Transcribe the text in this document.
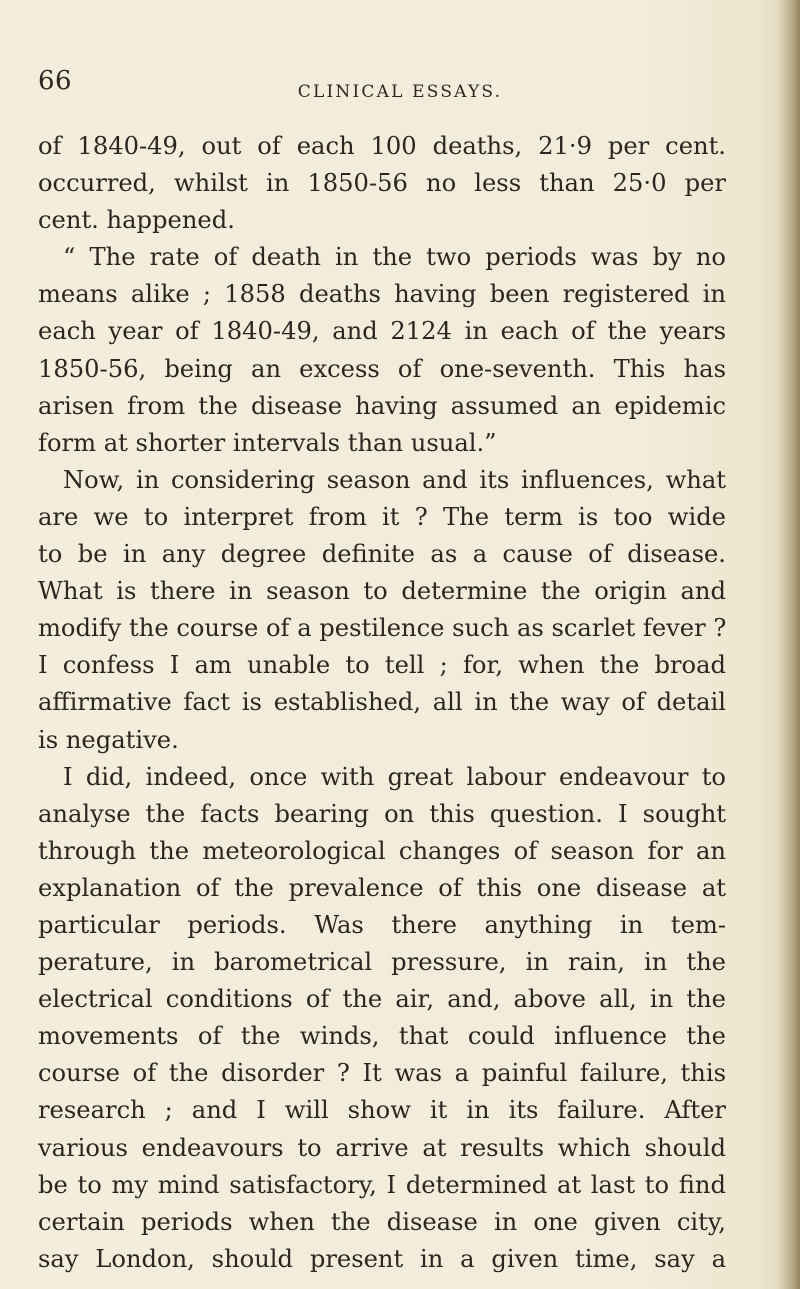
66	CLINICAL ESSAYS.
of 1840-49, out of each 100 deaths, 21·9 per cent.
occurred, whilst in 1850-56 no less than 25·0 per
cent. happened.
“ The rate of death in the two periods was by no
means alike ; 1858 deaths having been registered in
each year of 1840-49, and 2124 in each of the years
1850-56, being an excess of one-seventh. This has
arisen from the disease having assumed an epidemic
form at shorter intervals than usual.”
Now, in considering season and its influences, what
are we to interpret from it ? The term is too wide
to be in any degree definite as a cause of disease.
What is there in season to determine the origin and
modify the course of a pestilence such as scarlet fever ?
I confess I am unable to tell ; for, when the broad
affirmative fact is established, all in the way of detail
is negative.
I did, indeed, once with great labour endeavour to
analyse the facts bearing on this question. I sought
through the meteorological changes of season for an
explanation of the prevalence of this one disease at
particular periods. Was there anything in tem-
perature, in barometrical pressure, in rain, in the
electrical conditions of the air, and, above all, in the
movements of the winds, that could influence the
course of the disorder ? It was a painful failure, this
research ; and I will show it in its failure. After
various endeavours to arrive at results which should
be to my mind satisfactory, I determined at last to find
certain periods when the disease in one given city,
say London, should present in a given time, say a
